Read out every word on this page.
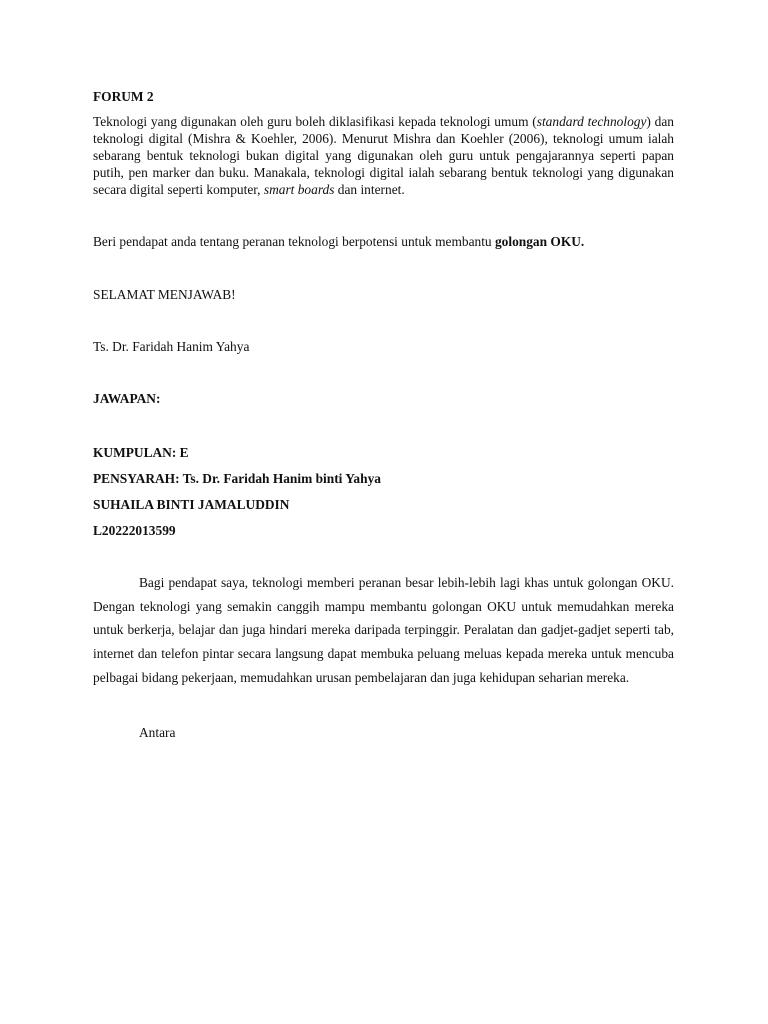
FORUM 2
Teknologi yang digunakan oleh guru boleh diklasifikasi kepada teknologi umum (standard technology) dan teknologi digital (Mishra & Koehler, 2006). Menurut Mishra dan Koehler (2006), teknologi umum ialah sebarang bentuk teknologi bukan digital yang digunakan oleh guru untuk pengajarannya seperti papan putih, pen marker dan buku. Manakala, teknologi digital ialah sebarang bentuk teknologi yang digunakan secara digital seperti komputer, smart boards dan internet.
Beri pendapat anda tentang peranan teknologi berpotensi untuk membantu golongan OKU.
SELAMAT MENJAWAB!
Ts. Dr. Faridah Hanim Yahya
JAWAPAN:
KUMPULAN: E
PENSYARAH: Ts. Dr. Faridah Hanim binti Yahya
SUHAILA BINTI JAMALUDDIN
L20222013599
Bagi pendapat saya, teknologi memberi peranan besar lebih-lebih lagi khas untuk golongan OKU. Dengan teknologi yang semakin canggih mampu membantu golongan OKU untuk memudahkan mereka untuk berkerja, belajar dan juga hindari mereka daripada terpinggir. Peralatan dan gadjet-gadjet seperti tab, internet dan telefon pintar secara langsung dapat membuka peluang meluas kepada mereka untuk mencuba pelbagai bidang pekerjaan, memudahkan urusan pembelajaran dan juga kehidupan seharian mereka.
Antara
